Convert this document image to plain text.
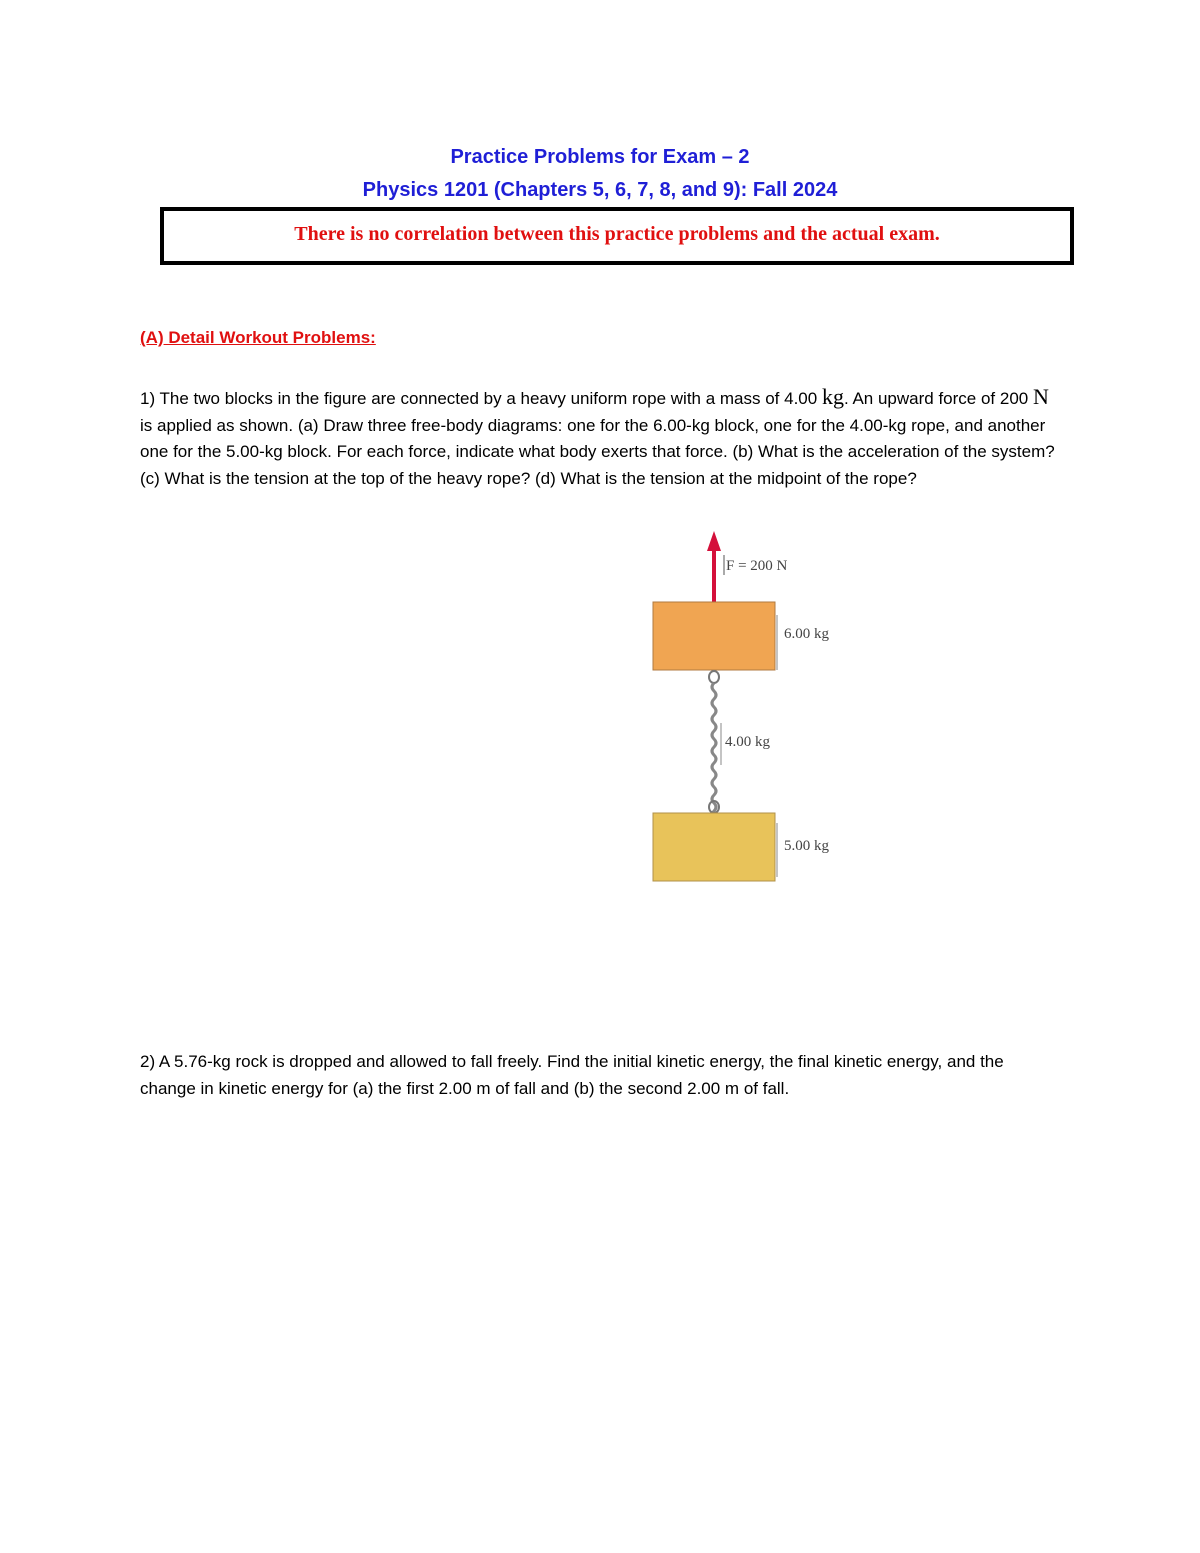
Practice Problems for Exam – 2
Physics 1201 (Chapters 5, 6, 7, 8, and 9): Fall 2024
There is no correlation between this practice problems and the actual exam.
(A) Detail Workout Problems:
1) The two blocks in the figure are connected by a heavy uniform rope with a mass of 4.00 kg. An upward force of 200 N is applied as shown. (a) Draw three free-body diagrams: one for the 6.00-kg block, one for the 4.00-kg rope, and another one for the 5.00-kg block. For each force, indicate what body exerts that force. (b) What is the acceleration of the system? (c) What is the tension at the top of the heavy rope? (d) What is the tension at the midpoint of the rope?
F = 200 N
6.00 kg
4.00 kg
5.00 kg
2) A 5.76-kg rock is dropped and allowed to fall freely. Find the initial kinetic energy, the final kinetic energy, and the change in kinetic energy for (a) the first 2.00 m of fall and (b) the second 2.00 m of fall.
